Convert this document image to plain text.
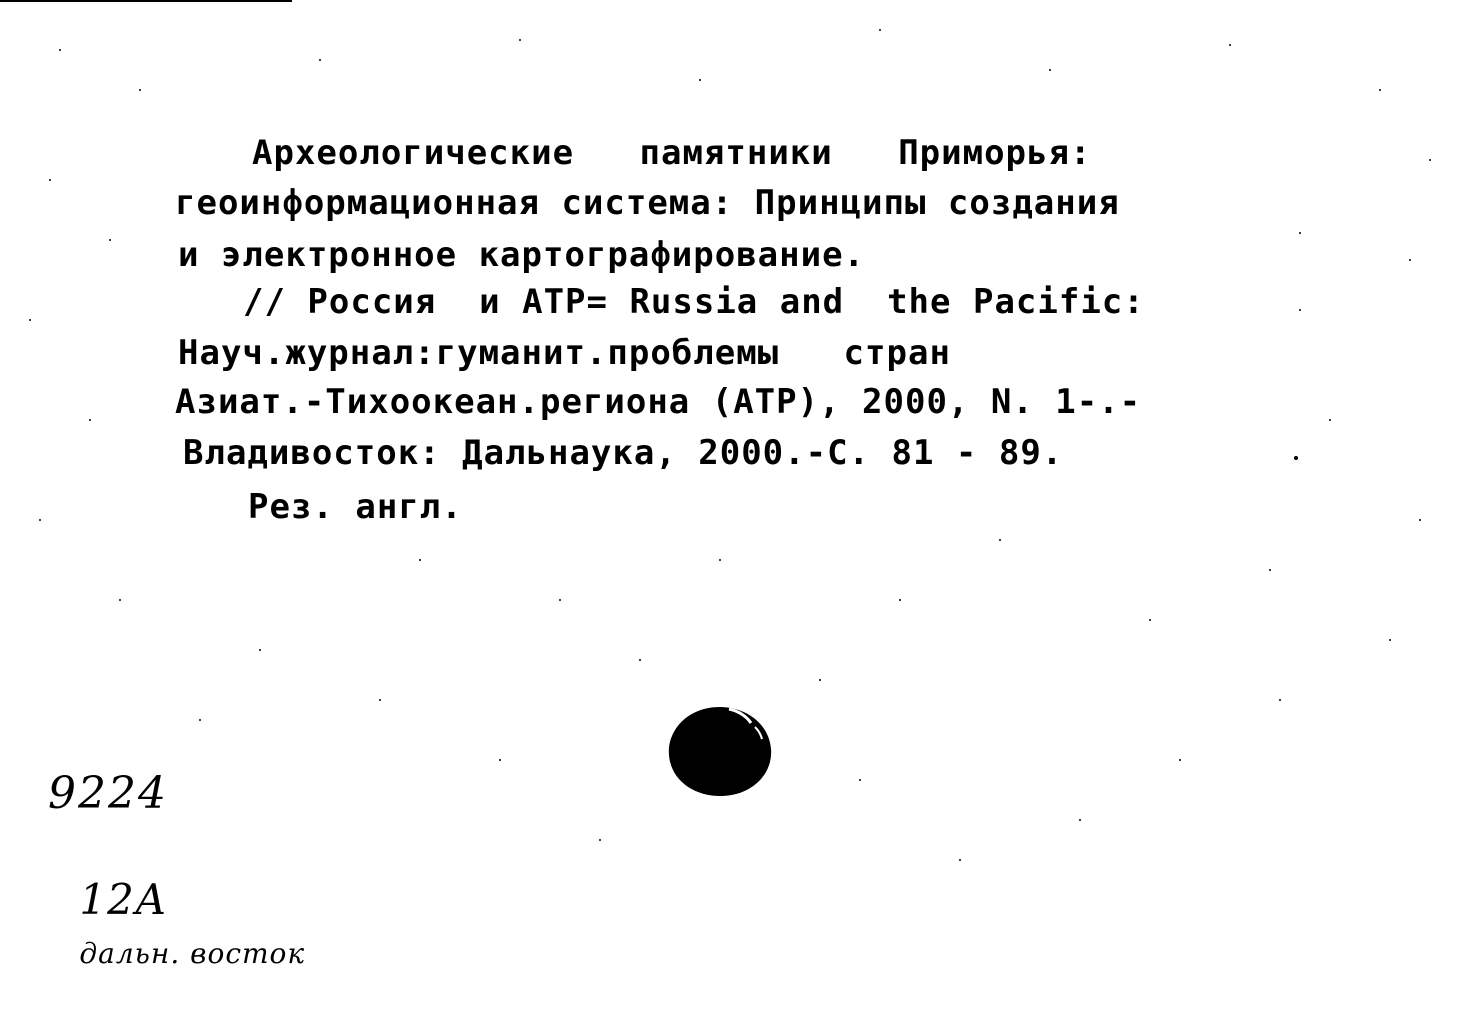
Археологические памятники Приморья:

геоинформационная система: Принципы создания

и электронное картографирование.

// Россия  и АТР= Russia and  the Pacific:

Науч.журнал:гуманит.проблемы   стран

Азиат.-Тихоокеан.региона (АТР), 2000, N. 1-.-

Владивосток: Дальнаука, 2000.-С. 81 - 89.

Рез. англ.

9224

12А
дальн. восток
